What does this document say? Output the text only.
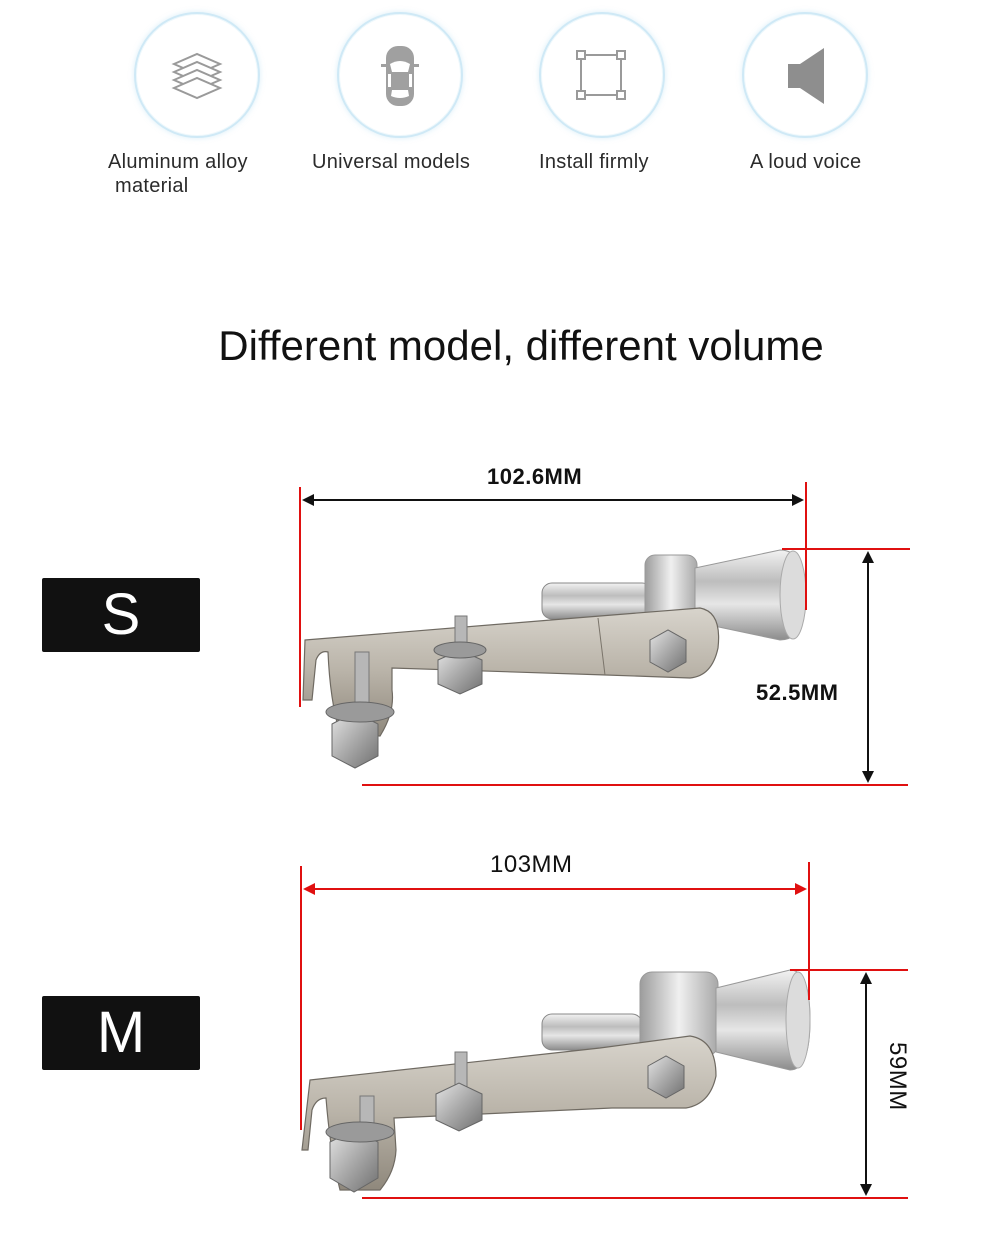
Aluminum alloy
material
Universal models	Install firmly	A loud voice
Different model, different volume
S
M
102.6MM
52.5MM
103MM
59MM
